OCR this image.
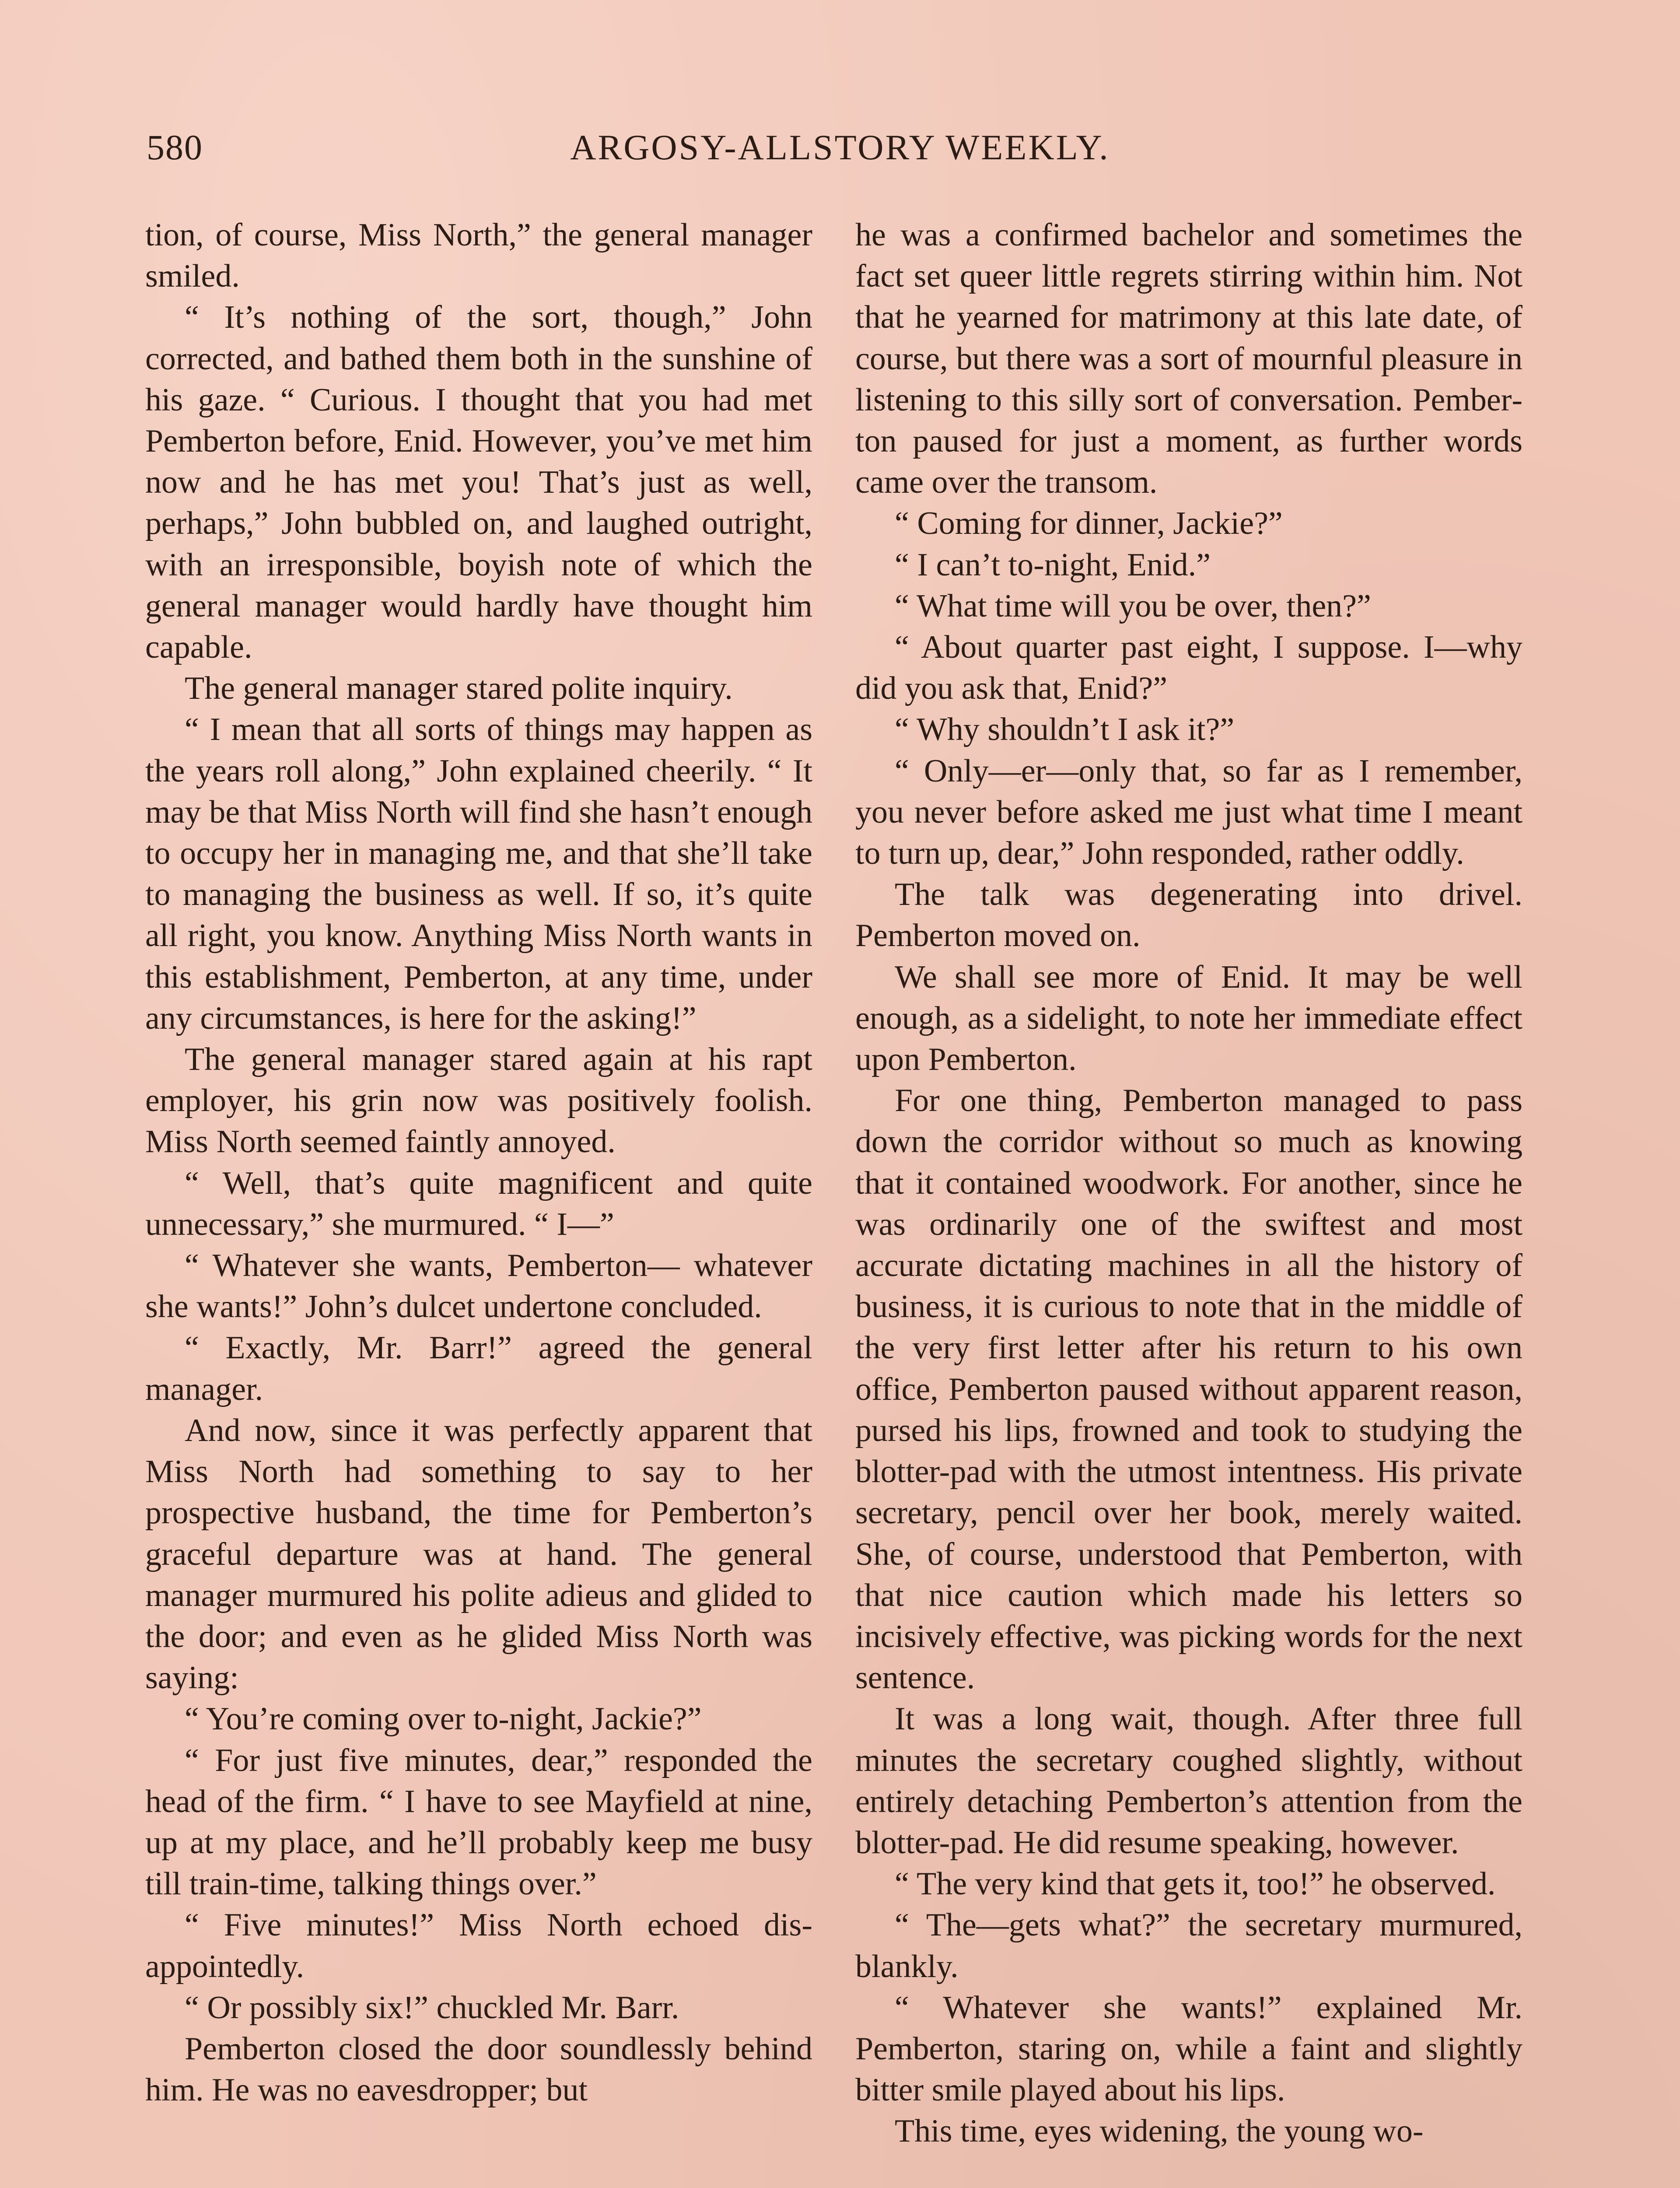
580	ARGOSY-ALLSTORY WEEKLY.

tion, of course, Miss North,” the general manager smiled.

“ It’s nothing of the sort, though,” John corrected, and bathed them both in the sunshine of his gaze. “ Curious. I thought that you had met Pemberton before, Enid. However, you’ve met him now and he has met you! That’s just as well, perhaps,” John bubbled on, and laughed outright, with an irresponsible, boyish note of which the general manager would hardly have thought him capable.

The general manager stared polite inquiry.

“ I mean that all sorts of things may happen as the years roll along,” John explained cheerily. “ It may be that Miss North will find she hasn’t enough to occupy her in managing me, and that she’ll take to managing the business as well. If so, it’s quite all right, you know. Anything Miss North wants in this establishment, Pemberton, at any time, under any circumstances, is here for the asking!”

The general manager stared again at his rapt employer, his grin now was positively foolish. Miss North seemed faintly annoyed.

“ Well, that’s quite magnificent and quite unnecessary,” she murmured. “ I—”

“ Whatever she wants, Pemberton— whatever she wants!” John’s dulcet undertone concluded.

“ Exactly, Mr. Barr!” agreed the general manager.

And now, since it was perfectly apparent that Miss North had something to say to her prospective husband, the time for Pemberton’s graceful departure was at hand. The general manager murmured his polite adieus and glided to the door; and even as he glided Miss North was saying:

“ You’re coming over to-night, Jackie?”

“ For just five minutes, dear,” responded the head of the firm. “ I have to see Mayfield at nine, up at my place, and he’ll probably keep me busy till train-time, talking things over.”

“ Five minutes!” Miss North echoed disappointedly.

“ Or possibly six!” chuckled Mr. Barr.

Pemberton closed the door soundlessly behind him. He was no eavesdropper; but

he was a confirmed bachelor and sometimes the fact set queer little regrets stirring within him. Not that he yearned for matrimony at this late date, of course, but there was a sort of mournful pleasure in listening to this silly sort of conversation. Pemberton paused for just a moment, as further words came over the transom.

“ Coming for dinner, Jackie?”

“ I can’t to-night, Enid.”

“ What time will you be over, then?”

“ About quarter past eight, I suppose. I—why did you ask that, Enid?”

“ Why shouldn’t I ask it?”

“ Only—er—only that, so far as I remember, you never before asked me just what time I meant to turn up, dear,” John responded, rather oddly.

The talk was degenerating into drivel. Pemberton moved on.

We shall see more of Enid. It may be well enough, as a sidelight, to note her immediate effect upon Pemberton.

For one thing, Pemberton managed to pass down the corridor without so much as knowing that it contained woodwork. For another, since he was ordinarily one of the swiftest and most accurate dictating machines in all the history of business, it is curious to note that in the middle of the very first letter after his return to his own office, Pemberton paused without apparent reason, pursed his lips, frowned and took to studying the blotter-pad with the utmost intentness. His private secretary, pencil over her book, merely waited. She, of course, understood that Pemberton, with that nice caution which made his letters so incisively effective, was picking words for the next sentence.

It was a long wait, though. After three full minutes the secretary coughed slightly, without entirely detaching Pemberton’s attention from the blotter-pad. He did resume speaking, however.

“ The very kind that gets it, too!” he observed.

“ The—gets what?” the secretary murmured, blankly.

“ Whatever she wants!” explained Mr. Pemberton, staring on, while a faint and slightly bitter smile played about his lips.

This time, eyes widening, the young wo-
